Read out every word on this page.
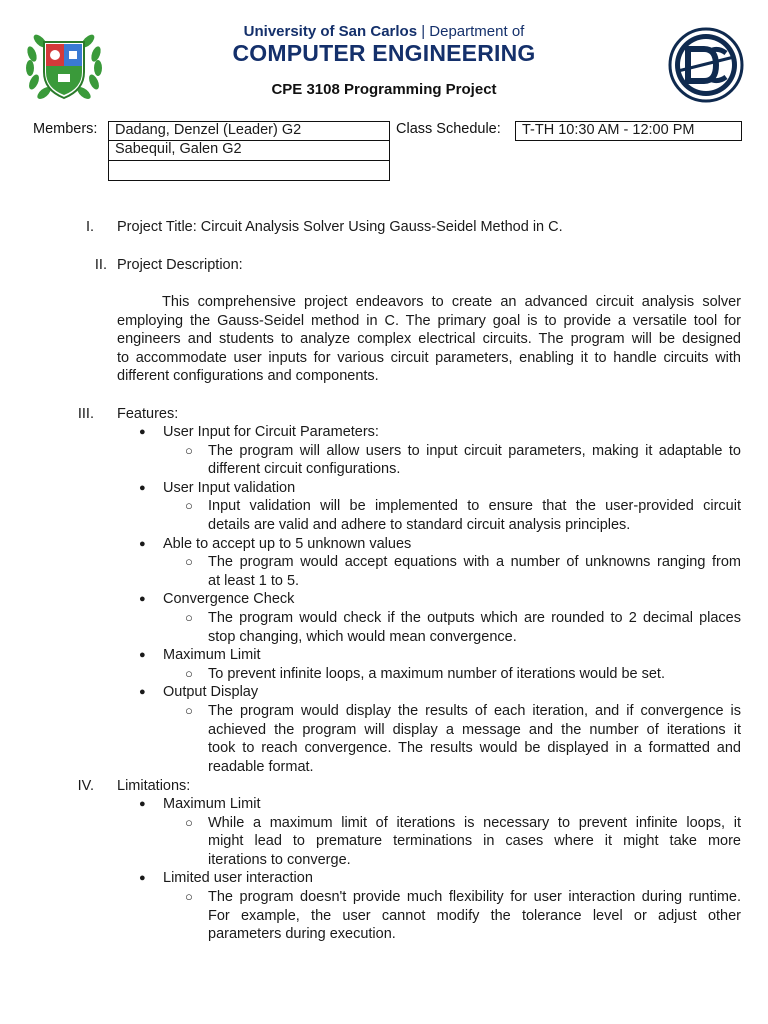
University of San Carlos | Department of
COMPUTER ENGINEERING
CPE 3108 Programming Project
Members:	Dadang, Denzel (Leader) G2
Sabequil, Galen G2
Class Schedule:	T-TH 10:30 AM - 12:00 PM
I. Project Title: Circuit Analysis Solver Using Gauss-Seidel Method in C.
II. Project Description:
This comprehensive project endeavors to create an advanced circuit analysis solver
employing the Gauss-Seidel method in C. The primary goal is to provide a versatile tool for
engineers and students to analyze complex electrical circuits. The program will be designed
to accommodate user inputs for various circuit parameters, enabling it to handle circuits with
different configurations and components.
III. Features:
● User Input for Circuit Parameters:
○ The program will allow users to input circuit parameters, making it adaptable to
different circuit configurations.
● User Input validation
○ Input validation will be implemented to ensure that the user-provided circuit
details are valid and adhere to standard circuit analysis principles.
● Able to accept up to 5 unknown values
○ The program would accept equations with a number of unknowns ranging from
at least 1 to 5.
● Convergence Check
○ The program would check if the outputs which are rounded to 2 decimal places
stop changing, which would mean convergence.
● Maximum Limit
○ To prevent infinite loops, a maximum number of iterations would be set.
● Output Display
○ The program would display the results of each iteration, and if convergence is
achieved the program will display a message and the number of iterations it
took to reach convergence. The results would be displayed in a formatted and
readable format.
IV. Limitations:
● Maximum Limit
○ While a maximum limit of iterations is necessary to prevent infinite loops, it
might lead to premature terminations in cases where it might take more
iterations to converge.
● Limited user interaction
○ The program doesn't provide much flexibility for user interaction during runtime.
For example, the user cannot modify the tolerance level or adjust other
parameters during execution.
